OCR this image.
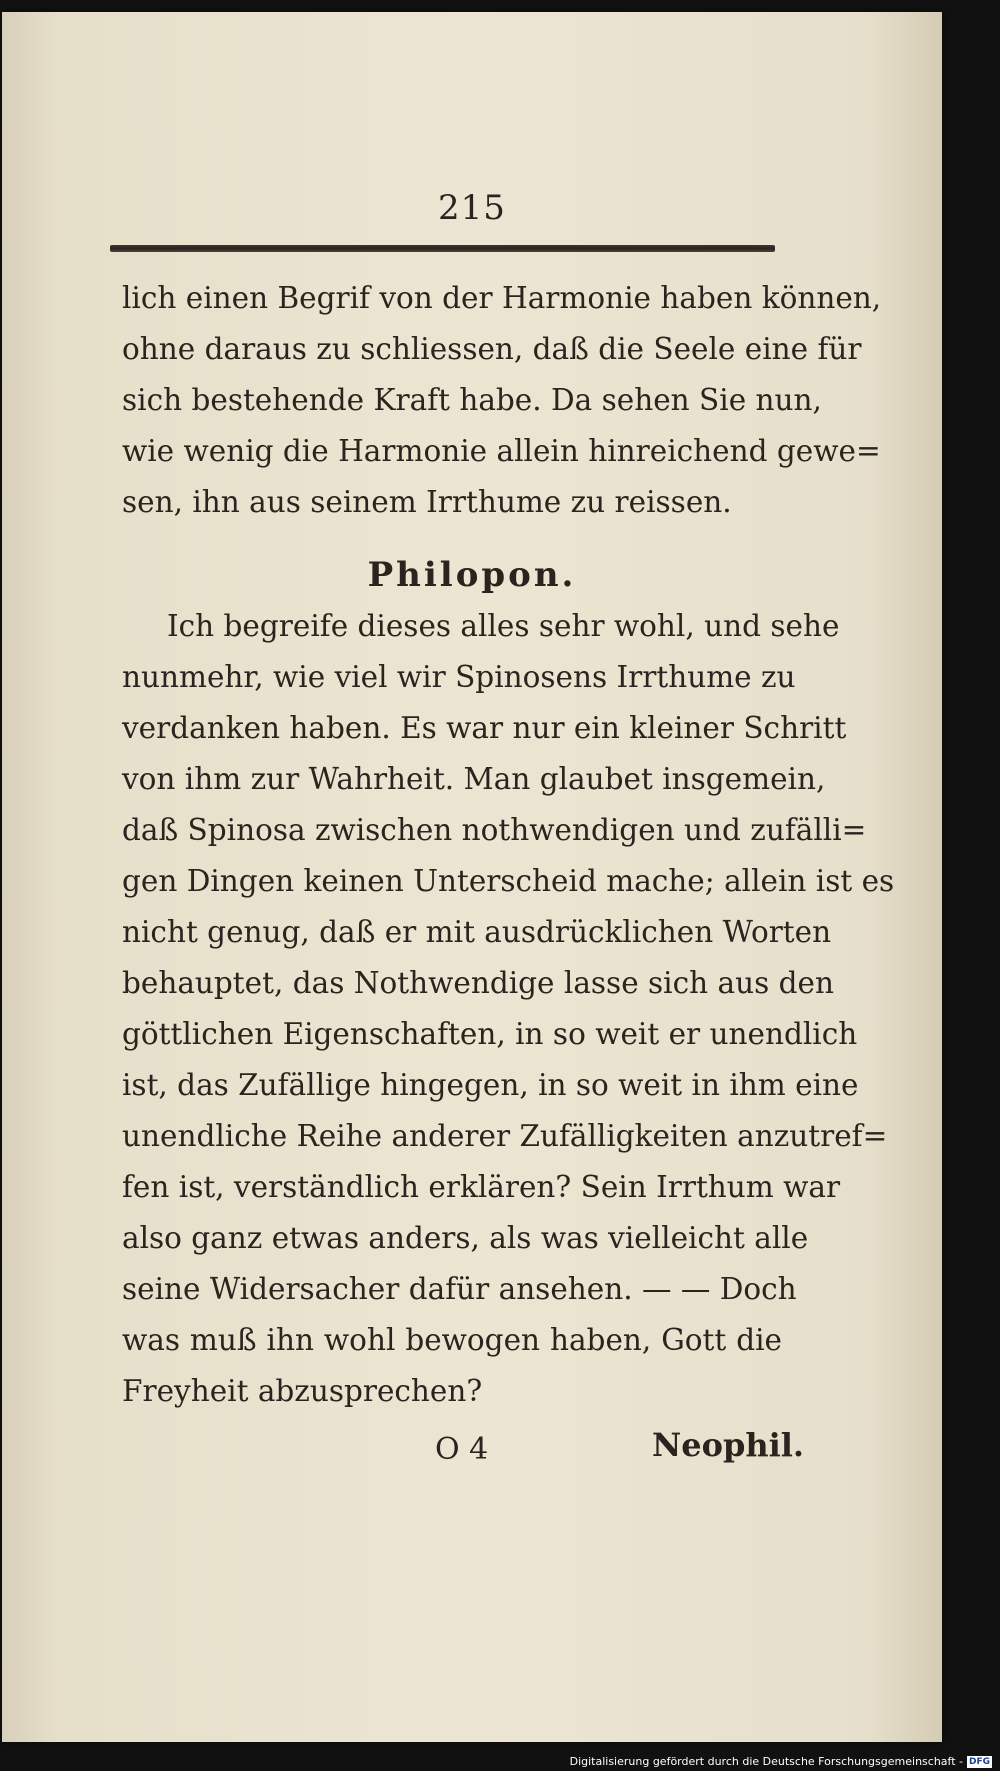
215
lich einen Begrif von der Harmonie haben können,
ohne daraus zu schliessen, daß die Seele eine für
sich bestehende Kraft habe. Da sehen Sie nun,
wie wenig die Harmonie allein hinreichend gewe=
sen, ihn aus seinem Irrthume zu reissen.
Philopon.
Ich begreife dieses alles sehr wohl, und sehe
nunmehr, wie viel wir Spinosens Irrthume zu
verdanken haben. Es war nur ein kleiner Schritt
von ihm zur Wahrheit. Man glaubet insgemein,
daß Spinosa zwischen nothwendigen und zufälli=
gen Dingen keinen Unterscheid mache; allein ist es
nicht genug, daß er mit ausdrücklichen Worten
behauptet, das Nothwendige lasse sich aus den
göttlichen Eigenschaften, in so weit er unendlich
ist, das Zufällige hingegen, in so weit in ihm eine
unendliche Reihe anderer Zufälligkeiten anzutref=
fen ist, verständlich erklären? Sein Irrthum war
also ganz etwas anders, als was vielleicht alle
seine Widersacher dafür ansehen. — — Doch
was muß ihn wohl bewogen haben, Gott die
Freyheit abzusprechen?
O 4	Neophil.
Digitalisierung gefördert durch die Deutsche Forschungsgemeinschaft - DFG
